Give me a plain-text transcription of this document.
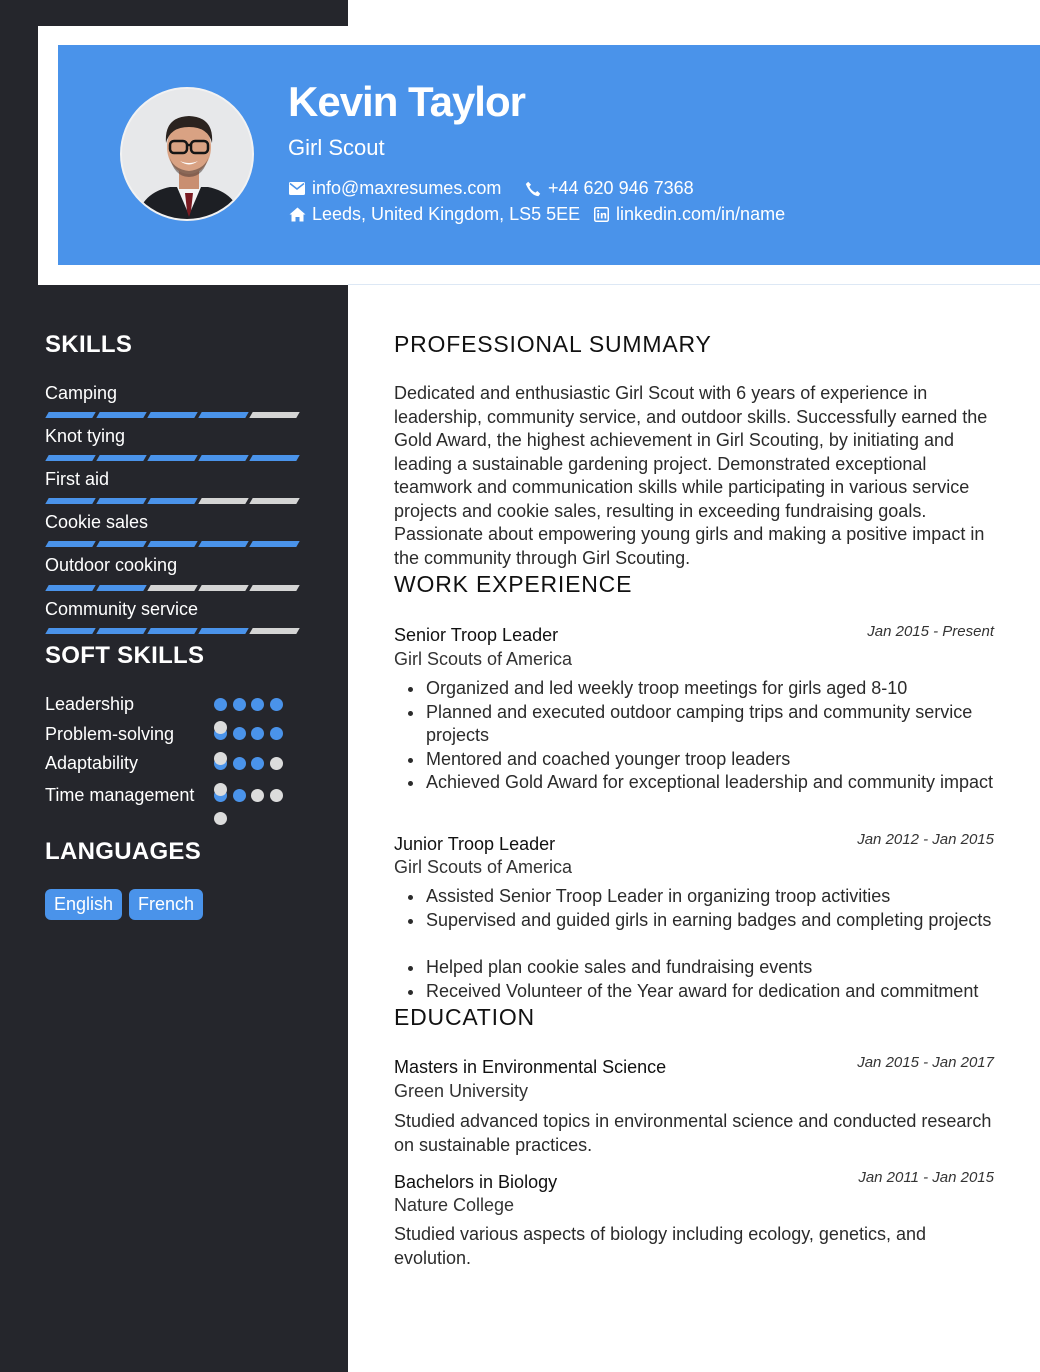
Kevin Taylor
Girl Scout
info@maxresumes.com	+44 620 946 7368
Leeds, United Kingdom, LS5 5EE linkedin.com/in/name
SKILLS
Camping
Knot tying
First aid
Cookie sales
Outdoor cooking
Community service
SOFT SKILLS
Leadership
Problem-solving
Adaptability
Time management
LANGUAGES
English	French
PROFESSIONAL SUMMARY
Dedicated and enthusiastic Girl Scout with 6 years of experience in leadership, community service, and outdoor skills. Successfully earned the Gold Award, the highest achievement in Girl Scouting, by initiating and leading a sustainable gardening project. Demonstrated exceptional teamwork and communication skills while participating in various service projects and cookie sales, resulting in exceeding fundraising goals. Passionate about empowering young girls and making a positive impact in the community through Girl Scouting.
WORK EXPERIENCE
Senior Troop Leader	Jan 2015 - Present
Girl Scouts of America
Organized and led weekly troop meetings for girls aged 8-10
Planned and executed outdoor camping trips and community service projects
Mentored and coached younger troop leaders
Achieved Gold Award for exceptional leadership and community impact
Junior Troop Leader	Jan 2012 - Jan 2015
Girl Scouts of America
Assisted Senior Troop Leader in organizing troop activities
Supervised and guided girls in earning badges and completing projects
Helped plan cookie sales and fundraising events
Received Volunteer of the Year award for dedication and commitment
EDUCATION
Masters in Environmental Science	Jan 2015 - Jan 2017
Green University
Studied advanced topics in environmental science and conducted research on sustainable practices.
Bachelors in Biology	Jan 2011 - Jan 2015
Nature College
Studied various aspects of biology including ecology, genetics, and evolution.
